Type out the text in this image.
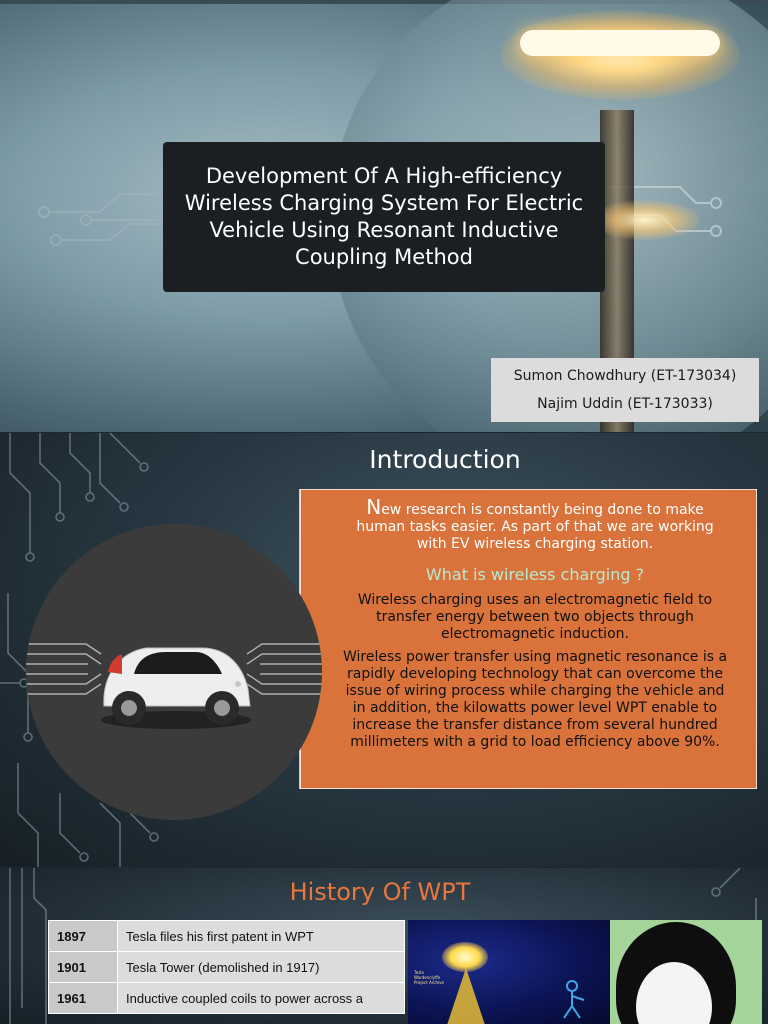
Development Of A High-efficiency Wireless Charging System For Electric Vehicle Using Resonant Inductive Coupling Method
Sumon Chowdhury (ET-173034)
Najim Uddin (ET-173033)
Introduction

New research is constantly being done to make human tasks easier. As part of that we are working with EV wireless charging station.

What is wireless charging ?

Wireless charging uses an electromagnetic field to transfer energy between two objects through electromagnetic induction.

Wireless power transfer using magnetic resonance is a rapidly developing technology that can overcome the issue of wiring process while charging the vehicle and in addition, the kilowatts power level WPT enable to increase the transfer distance from several hundred millimeters with a grid to load efficiency above 90%.

History Of WPT
1897	Tesla files his first patent in WPT
1901	Tesla Tower (demolished in 1917)
1961	Inductive coupled coils to power across a
Tesla Wardenclyffe Project Archive
